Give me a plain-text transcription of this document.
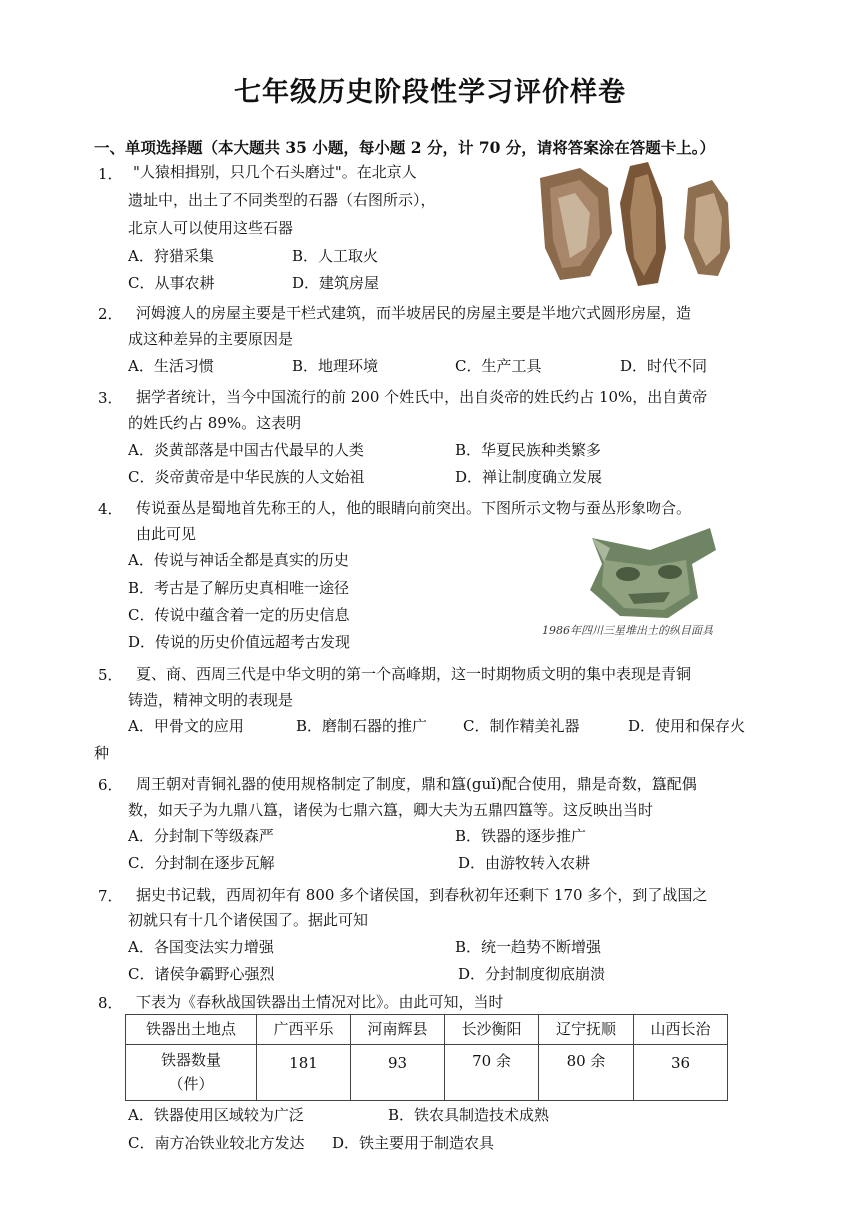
七年级历史阶段性学习评价样卷
一、单项选择题（本大题共 35 小题，每小题 2 分，计 70 分，请将答案涂在答题卡上。）
1． "人猿相揖别，只几个石头磨过"。在北京人
遗址中，出土了不同类型的石器（右图所示），
北京人可以使用这些石器
A．狩猎采集	B．人工取火
C．从事农耕	D．建筑房屋
2． 河姆渡人的房屋主要是干栏式建筑，而半坡居民的房屋主要是半地穴式圆形房屋，造
成这种差异的主要原因是
A．生活习惯	B．地理环境	C．生产工具	D．时代不同
3． 据学者统计，当今中国流行的前 200 个姓氏中，出自炎帝的姓氏约占 10%，出自黄帝
的姓氏约占 89%。这表明
A．炎黄部落是中国古代最早的人类	B．华夏民族种类繁多
C．炎帝黄帝是中华民族的人文始祖	D．禅让制度确立发展
4． 传说蚕丛是蜀地首先称王的人，他的眼睛向前突出。下图所示文物与蚕丛形象吻合。
由此可见
A．传说与神话全都是真实的历史
B．考古是了解历史真相唯一途径
C．传说中蕴含着一定的历史信息
D．传说的历史价值远超考古发现
1986年四川三星堆出土的纵目面具
5． 夏、商、西周三代是中华文明的第一个高峰期，这一时期物质文明的集中表现是青铜
铸造，精神文明的表现是
A．甲骨文的应用	B．磨制石器的推广 C．制作精美礼器	D．使用和保存火
种
6． 周王朝对青铜礼器的使用规格制定了制度，鼎和簋(guǐ)配合使用，鼎是奇数，簋配偶
数，如天子为九鼎八簋，诸侯为七鼎六簋，卿大夫为五鼎四簋等。这反映出当时
A．分封制下等级森严	B．铁器的逐步推广
C．分封制在逐步瓦解	D．由游牧转入农耕
7． 据史书记载，西周初年有 800 多个诸侯国，到春秋初年还剩下 170 多个，到了战国之
初就只有十几个诸侯国了。据此可知
A．各国变法实力增强	B．统一趋势不断增强
C．诸侯争霸野心强烈	D．分封制度彻底崩溃
8． 下表为《春秋战国铁器出土情况对比》。由此可知，当时
铁器出土地点	广西平乐	河南辉县	长沙衡阳	辽宁抚顺	山西长治

铁器数量
（件）	181	93	70 余	80 余	36
A．铁器使用区域较为广泛	B．铁农具制造技术成熟
C．南方冶铁业较北方发达 D．铁主要用于制造农具
